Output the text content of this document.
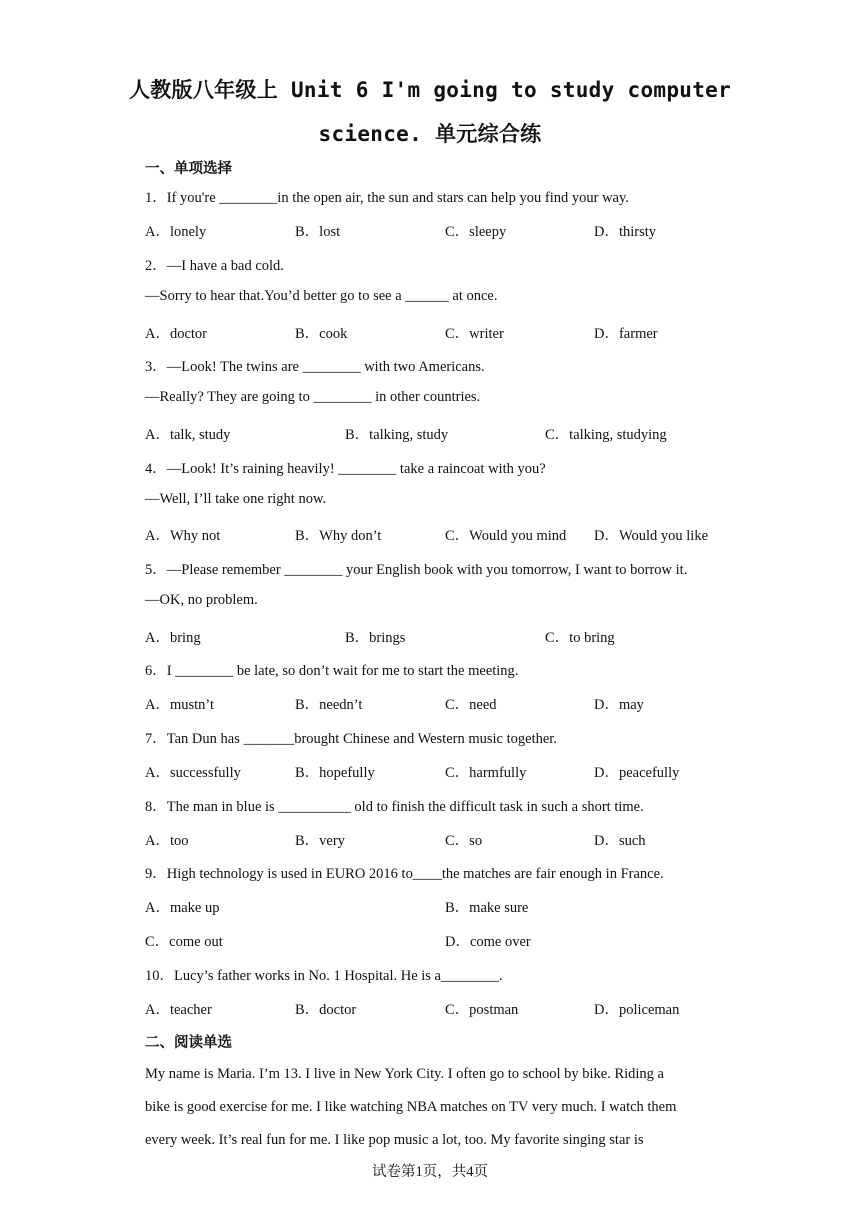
人教版八年级上 Unit 6 I'm going to study computer
science. 单元综合练
一、单项选择
1．If you're ________in the open air, the sun and stars can help you find your way.
A．lonely	B．lost	C．sleepy	D．thirsty
2．—I have a bad cold.
—Sorry to hear that.You’d better go to see a ______ at once.
A．doctor	B．cook	C．writer	D．farmer
3．—Look! The twins are ________ with two Americans.
—Really? They are going to ________ in other countries.
A．talk, study	B．talking, study	C．talking, studying
4．—Look! It’s raining heavily! ________ take a raincoat with you?
—Well, I’ll take one right now.
A．Why not	B．Why don’t	C．Would you mind D．Would you like
5．—Please remember ________ your English book with you tomorrow, I want to borrow it.
—OK, no problem.
A．bring	B．brings	C．to bring
6．I ________ be late, so don’t wait for me to start the meeting.
A．mustn’t	B．needn’t	C．need	D．may
7．Tan Dun has _______brought Chinese and Western music together.
A．successfully	B．hopefully	C．harmfully	D．peacefully
8．The man in blue is __________ old to finish the difficult task in such a short time.
A．too	B．very	C．so	D．such
9．High technology is used in EURO 2016 to____the matches are fair enough in France.
A．make up	B．make sure
C．come out	D．come over
10．Lucy’s father works in No. 1 Hospital. He is a________.
A．teacher	B．doctor	C．postman	D．policeman
二、阅读单选
My name is Maria. I’m 13. I live in New York City. I often go to school by bike. Riding a
bike is good exercise for me. I like watching NBA matches on TV very much. I watch them
every week. It’s real fun for me. I like pop music a lot, too. My favorite singing star is
试卷第1页，共4页
